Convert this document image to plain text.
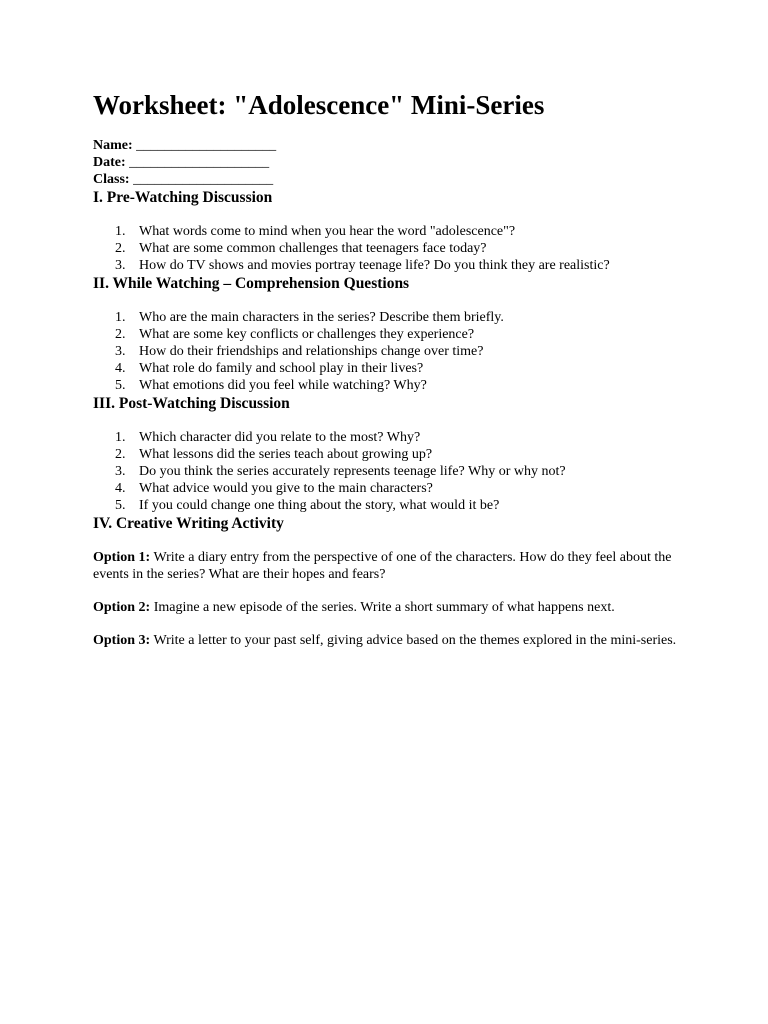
Worksheet: "Adolescence" Mini-Series
Name: ____________________
Date: ____________________
Class: ____________________
I. Pre-Watching Discussion
1. What words come to mind when you hear the word "adolescence"?
2. What are some common challenges that teenagers face today?
3. How do TV shows and movies portray teenage life? Do you think they are realistic?
II. While Watching – Comprehension Questions
1. Who are the main characters in the series? Describe them briefly.
2. What are some key conflicts or challenges they experience?
3. How do their friendships and relationships change over time?
4. What role do family and school play in their lives?
5. What emotions did you feel while watching? Why?
III. Post-Watching Discussion
1. Which character did you relate to the most? Why?
2. What lessons did the series teach about growing up?
3. Do you think the series accurately represents teenage life? Why or why not?
4. What advice would you give to the main characters?
5. If you could change one thing about the story, what would it be?
IV. Creative Writing Activity

Option 1: Write a diary entry from the perspective of one of the characters. How do they feel about the events in the series? What are their hopes and fears?

Option 2: Imagine a new episode of the series. Write a short summary of what happens next.

Option 3: Write a letter to your past self, giving advice based on the themes explored in the mini-series.
